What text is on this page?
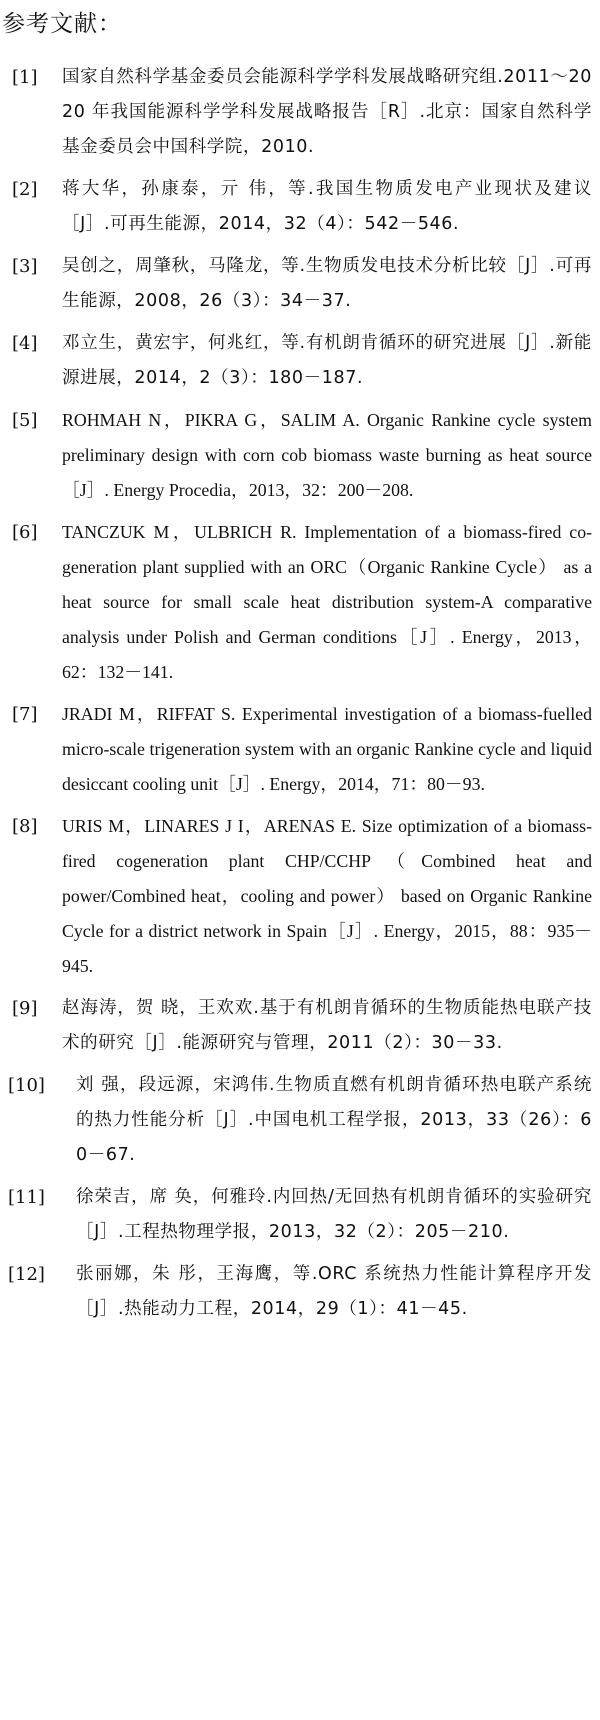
参考文献：
[1] 国家自然科学基金委员会能源科学学科发展战略研究组.2011～2020 年我国能源科学学科发展战略报告［R］.北京：国家自然科学基金委员会中国科学院，2010.
[2] 蒋大华，孙康泰，亓 伟，等.我国生物质发电产业现状及建议［J］.可再生能源，2014，32（4）：542－546.
[3] 吴创之，周肇秋，马隆龙，等.生物质发电技术分析比较［J］.可再生能源，2008，26（3）：34－37.
[4] 邓立生，黄宏宇，何兆红，等.有机朗肯循环的研究进展［J］.新能源进展，2014，2（3）：180－187.
[5] ROHMAH N，PIKRA G，SALIM A. Organic Rankine cycle system preliminary design with corn cob biomass waste burning as heat source［J］. Energy Procedia，2013，32：200－208.
[6] TANCZUK M，ULBRICH R. Implementation of a biomass-fired co-generation plant supplied with an ORC（Organic Rankine Cycle） as a heat source for small scale heat distribution system-A comparative analysis under Polish and German conditions［J］. Energy，2013，62：132－141.
[7] JRADI M，RIFFAT S. Experimental investigation of a biomass-fuelled micro-scale trigeneration system with an organic Rankine cycle and liquid desiccant cooling unit［J］. Energy，2014，71：80－93.
[8] URIS M，LINARES J I，ARENAS E. Size optimization of a biomass-fired cogeneration plant CHP/CCHP（Combined heat and power/Combined heat，cooling and power） based on Organic Rankine Cycle for a district network in Spain［J］. Energy，2015，88：935－945.
[9] 赵海涛，贺 晓，王欢欢.基于有机朗肯循环的生物质能热电联产技术的研究［J］.能源研究与管理，2011（2）：30－33.
[10] 刘 强，段远源，宋鸿伟.生物质直燃有机朗肯循环热电联产系统的热力性能分析［J］.中国电机工程学报，2013，33（26）：60－67.
[11] 徐荣吉，席 奂，何雅玲.内回热/无回热有机朗肯循环的实验研究［J］.工程热物理学报，2013，32（2）：205－210.
[12] 张丽娜，朱 彤，王海鹰，等.ORC 系统热力性能计算程序开发［J］.热能动力工程，2014，29（1）：41－45.
